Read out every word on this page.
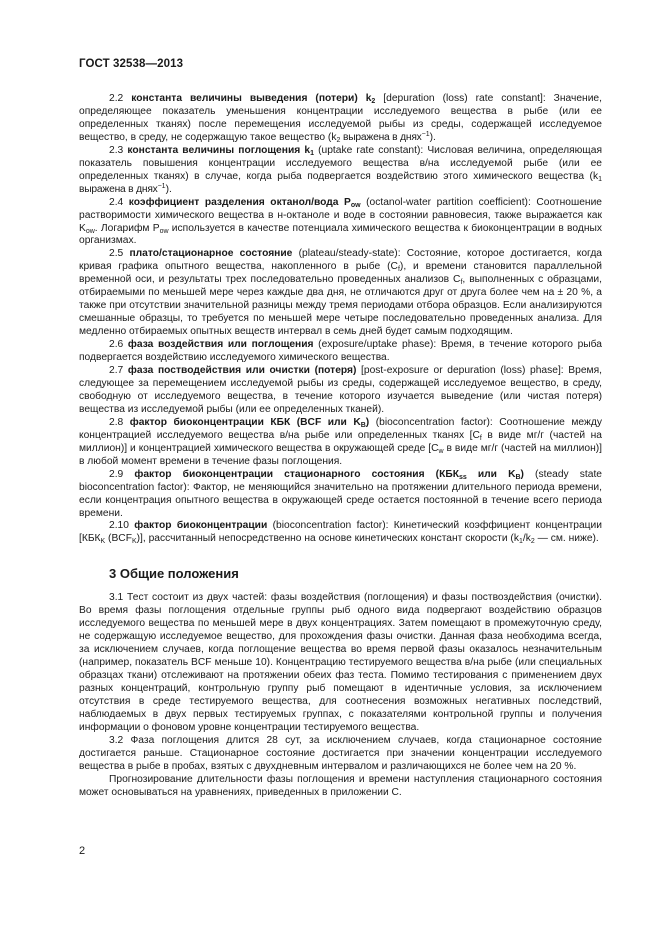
ГОСТ 32538—2013

2.2 константа величины выведения (потери) $k_2$ [depuration (loss) rate constant]: Значение, определяющее показатель уменьшения концентрации исследуемого вещества в рыбе (или ее определенных тканях) после перемещения исследуемой рыбы из среды, содержащей исследуемое вещество, в среду, не содержащую такое вещество ($k_2$ выражена в днях$^{-1}$).

2.3 константа величины поглощения $k_1$ (uptake rate constant): Числовая величина, определяющая показатель повышения концентрации исследуемого вещества в/на исследуемой рыбе (или ее определенных тканях) в случае, когда рыба подвергается воздействию этого химического вещества ($k_1$ выражена в днях$^{-1}$).

2.4 коэффициент разделения октанол/вода $P_{ow}$ (octanol-water partition coefficient): Соотношение растворимости химического вещества в н-октаноле и воде в состоянии равновесия, также выражается как $K_{ow}$. Логарифм $P_{ow}$ используется в качестве потенциала химического вещества к биоконцентрации в водных организмах.

2.5 плато/стационарное состояние (plateau/steady-state): Состояние, которое достигается, когда кривая графика опытного вещества, накопленного в рыбе $(C_f)$, и времени становится параллельной временной оси, и результаты трех последовательно проведенных анализов $C_f$, выполненных с образцами, отбираемыми по меньшей мере через каждые два дня, не отличаются друг от друга более чем на ± 20 %, а также при отсутствии значительной разницы между тремя периодами отбора образцов. Если анализируются смешанные образцы, то требуется по меньшей мере четыре последовательно проведенных анализа. Для медленно отбираемых опытных веществ интервал в семь дней будет самым подходящим.

2.6 фаза воздействия или поглощения (exposure/uptake phase): Время, в течение которого рыба подвергается воздействию исследуемого химического вещества.

2.7 фаза постводействия или очистки (потеря) [post-exposure or depuration (loss) phase]: Время, следующее за перемещением исследуемой рыбы из среды, содержащей исследуемое вещество, в среду, свободную от исследуемого вещества, в течение которого изучается выведение (или чистая потеря) вещества из исследуемой рыбы (или ее определенных тканей).

2.8 фактор биоконцентрации КБК (BCF или $K_B$) (bioconcentration factor): Соотношение между концентрацией исследуемого вещества в/на рыбе или определенных тканях [$C_f$ в виде мг/г (частей на миллион)] и концентрацией химического вещества в окружающей среде [$C_w$ в виде мг/г (частей на миллион)] в любой момент времени в течение фазы поглощения.

2.9 фактор биоконцентрации стационарного состояния ($КБК_{ss}$ или $K_B$) (steady state bioconcentration factor): Фактор, не меняющийся значительно на протяжении длительного периода времени, если концентрация опытного вещества в окружающей среде остается постоянной в течение всего периода времени.

2.10 фактор биоконцентрации (bioconcentration factor): Кинетический коэффициент концентрации [$КБК_K$ $(BCF_K)$], рассчитанный непосредственно на основе кинетических констант скорости ($k_1/k_2$ — см. ниже).

3 Общие положения

3.1 Тест состоит из двух частей: фазы воздействия (поглощения) и фазы поствоздействия (очистки). Во время фазы поглощения отдельные группы рыб одного вида подвергают воздействию образцов исследуемого вещества по меньшей мере в двух концентрациях. Затем помещают в промежуточную среду, не содержащую исследуемое вещество, для прохождения фазы очистки. Данная фаза необходима всегда, за исключением случаев, когда поглощение вещества во время первой фазы оказалось незначительным (например, показатель BCF меньше 10). Концентрацию тестируемого вещества в/на рыбе (или специальных образцах ткани) отслеживают на протяжении обеих фаз теста. Помимо тестирования с применением двух разных концентраций, контрольную группу рыб помещают в идентичные условия, за исключением отсутствия в среде тестируемого вещества, для соотнесения возможных негативных последствий, наблюдаемых в двух первых тестируемых группах, с показателями контрольной группы и получения информации о фоновом уровне концентрации тестируемого вещества.

3.2 Фаза поглощения длится 28 сут, за исключением случаев, когда стационарное состояние достигается раньше. Стационарное состояние достигается при значении концентрации исследуемого вещества в рыбе в пробах, взятых с двухдневным интервалом и различающихся не более чем на 20 %.

Прогнозирование длительности фазы поглощения и времени наступления стационарного состояния может основываться на уравнениях, приведенных в приложении С.

2
